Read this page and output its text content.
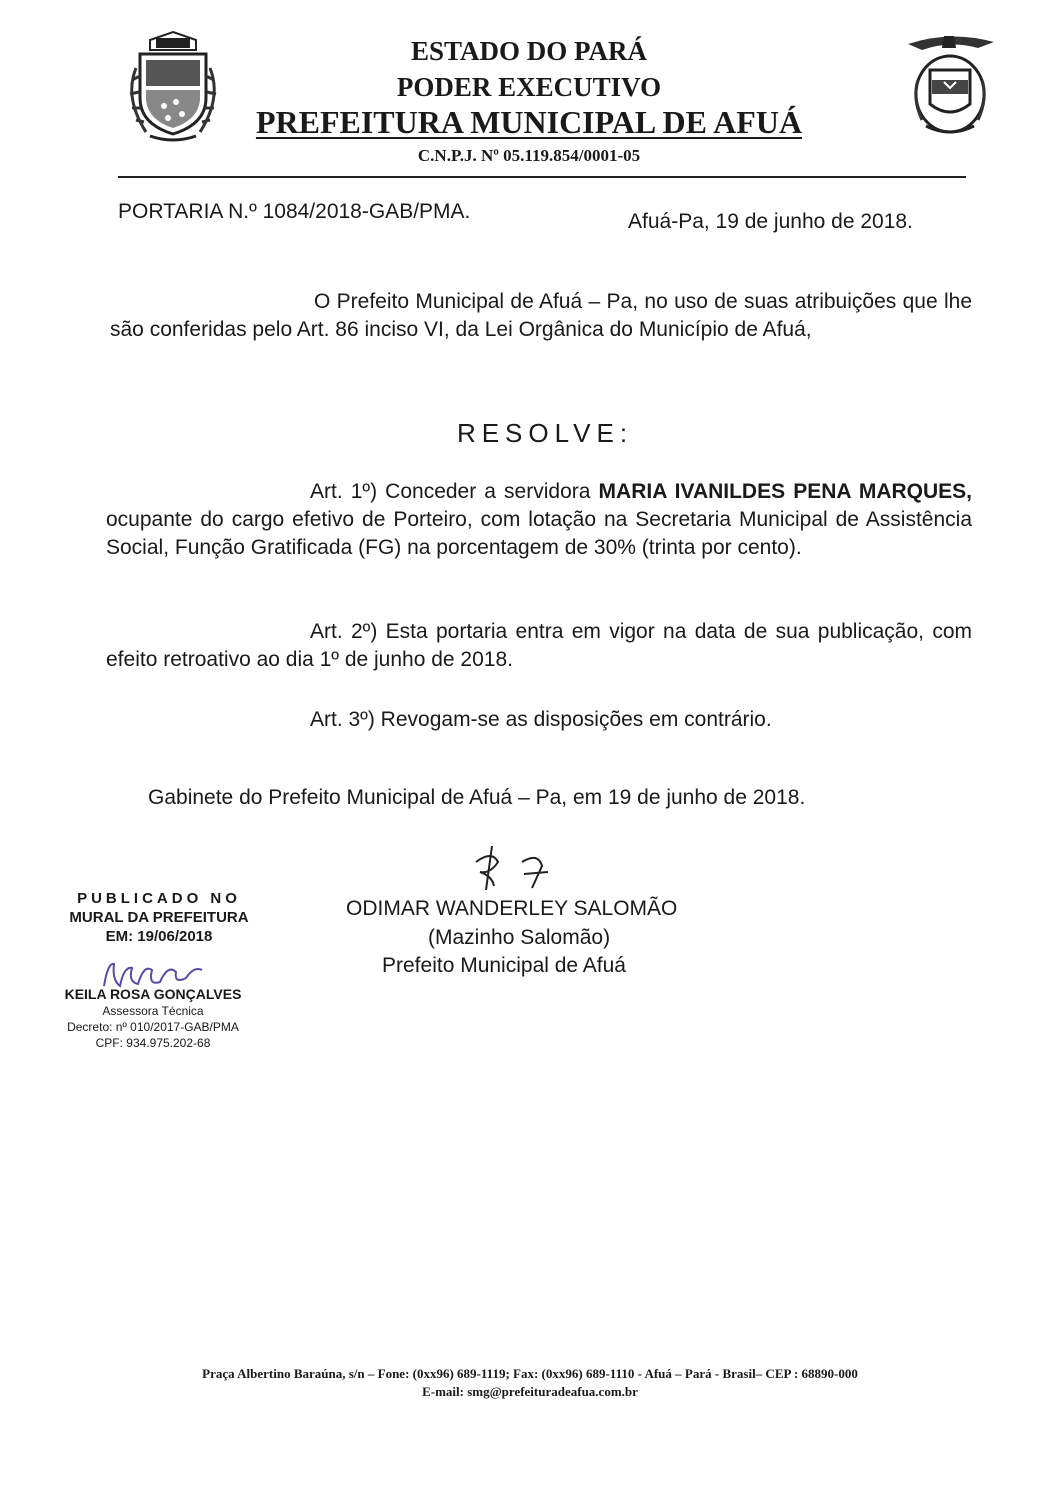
ESTADO DO PARÁ
PODER EXECUTIVO
PREFEITURA MUNICIPAL DE AFUÁ
C.N.P.J. Nº 05.119.854/0001-05
PORTARIA N.º 1084/2018-GAB/PMA.	Afuá-Pa, 19 de junho de 2018.
O Prefeito Municipal de Afuá – Pa, no uso de suas atribuições que lhe são conferidas pelo Art. 86 inciso VI, da Lei Orgânica do Município de Afuá,
RESOLVE:
Art. 1º) Conceder a servidora MARIA IVANILDES PENA MARQUES, ocupante do cargo efetivo de Porteiro, com lotação na Secretaria Municipal de Assistência Social, Função Gratificada (FG) na porcentagem de 30% (trinta por cento).
Art. 2º) Esta portaria entra em vigor na data de sua publicação, com efeito retroativo ao dia 1º de junho de 2018.
Art. 3º) Revogam-se as disposições em contrário.
Gabinete do Prefeito Municipal de Afuá – Pa, em 19 de junho de 2018.
ODIMAR WANDERLEY SALOMÃO
(Mazinho Salomão)
Prefeito Municipal de Afuá
PUBLICADO NO
MURAL DA PREFEITURA
EM: 19/06/2018
KEILA ROSA GONÇALVES
Assessora Técnica
Decreto: nº 010/2017-GAB/PMA
CPF: 934.975.202-68
Praça Albertino Baraúna, s/n – Fone: (0xx96) 689-1119; Fax: (0xx96) 689-1110 - Afuá – Pará - Brasil– CEP : 68890-000
E-mail: smg@prefeituradeafua.com.br
